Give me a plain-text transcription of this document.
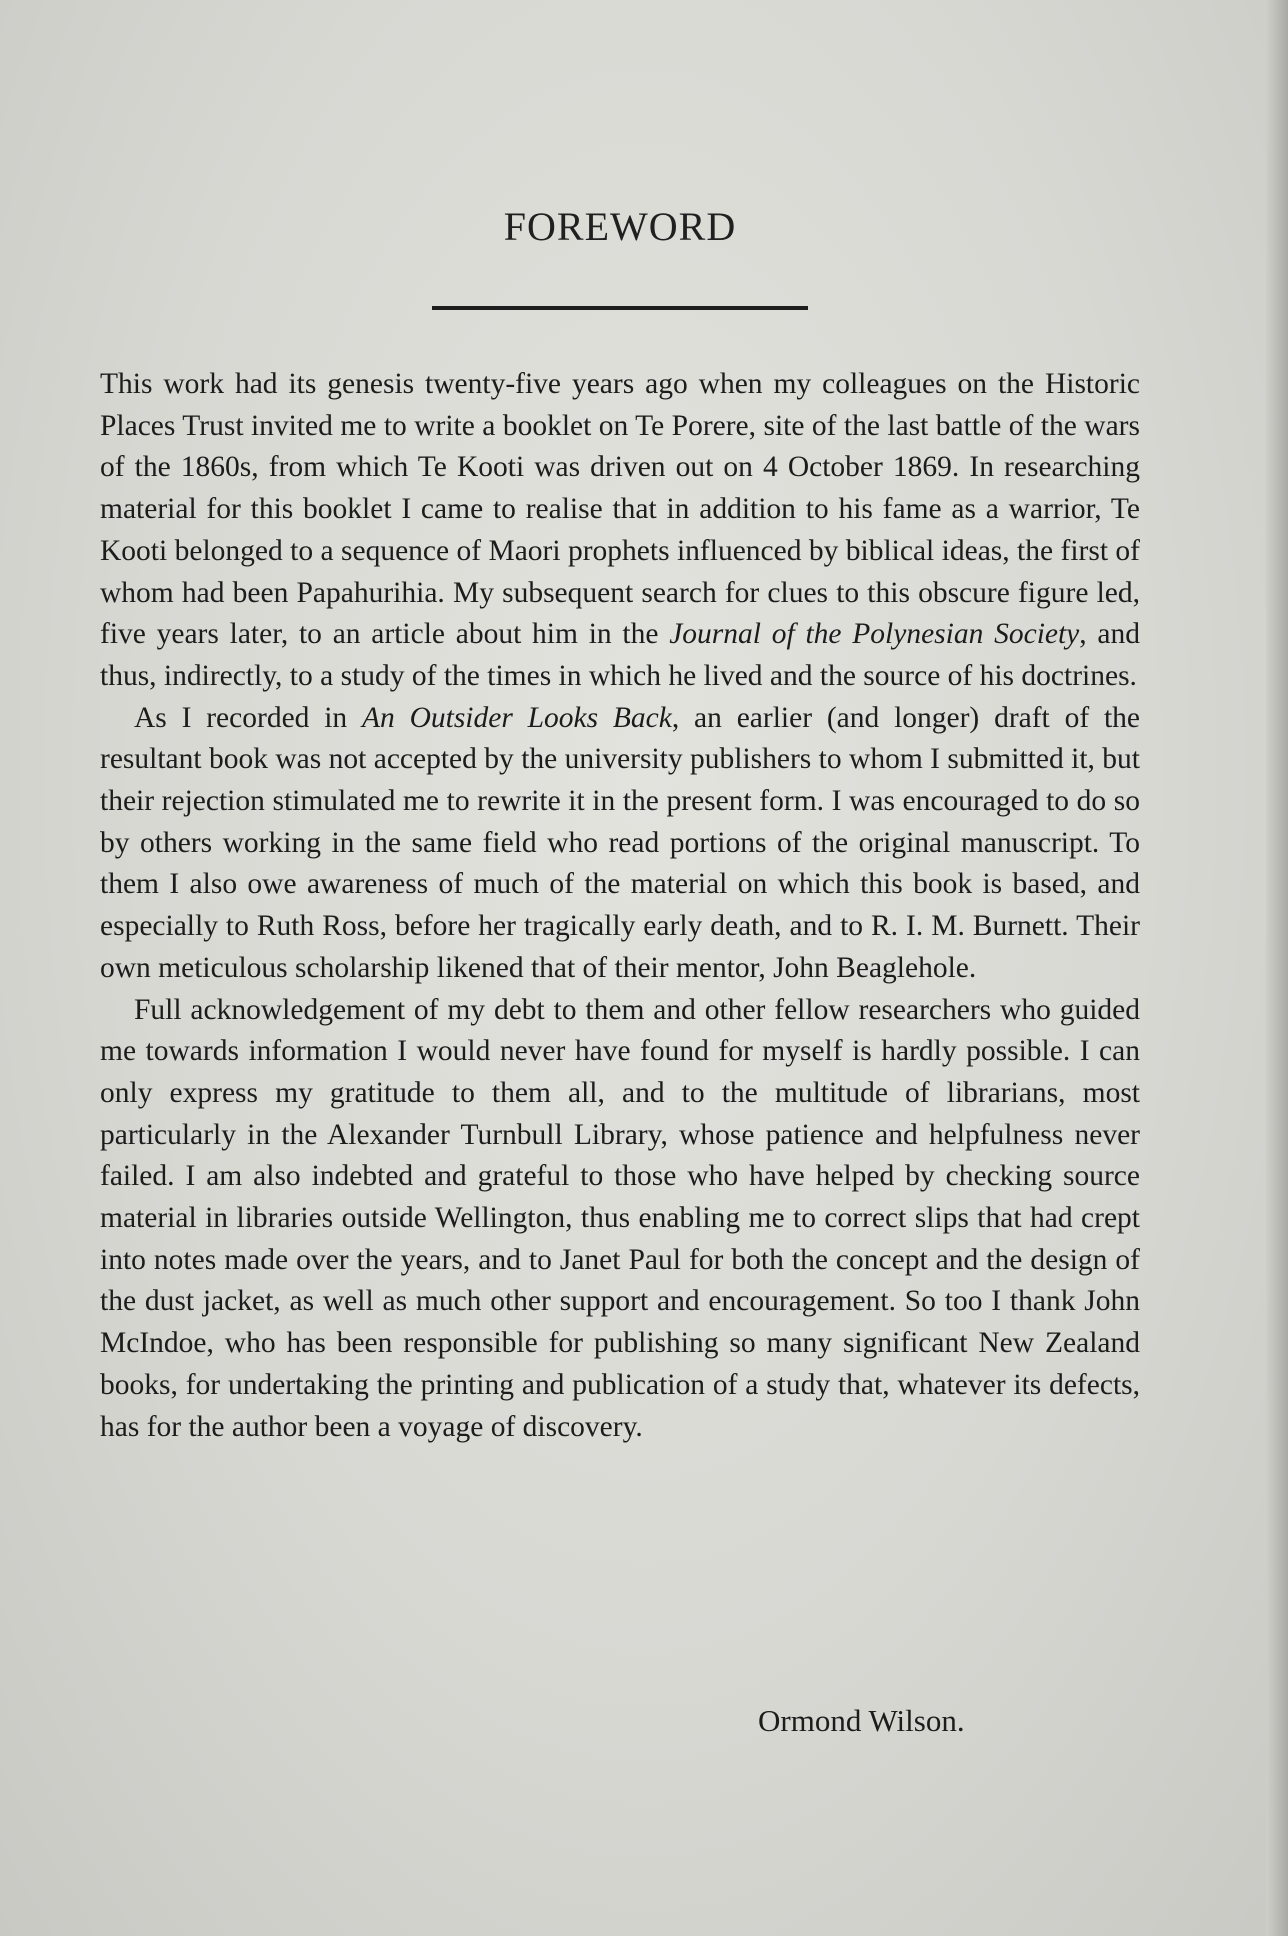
FOREWORD

This work had its genesis twenty-five years ago when my colleagues on the Historic Places Trust invited me to write a booklet on Te Porere, site of the last battle of the wars of the 1860s, from which Te Kooti was driven out on 4 October 1869. In researching material for this booklet I came to realise that in addition to his fame as a warrior, Te Kooti belonged to a sequence of Maori prophets influenced by biblical ideas, the first of whom had been Papahurihia. My subsequent search for clues to this obscure figure led, five years later, to an article about him in the Journal of the Polynesian Society, and thus, indirectly, to a study of the times in which he lived and the source of his doctrines.

As I recorded in An Outsider Looks Back, an earlier (and longer) draft of the resultant book was not accepted by the university publishers to whom I submitted it, but their rejection stimulated me to rewrite it in the present form. I was encouraged to do so by others working in the same field who read portions of the original manuscript. To them I also owe awareness of much of the material on which this book is based, and especially to Ruth Ross, before her tragically early death, and to R. I. M. Burnett. Their own meticulous scholarship likened that of their mentor, John Beaglehole.

Full acknowledgement of my debt to them and other fellow researchers who guided me towards information I would never have found for myself is hardly possible. I can only express my gratitude to them all, and to the multitude of librarians, most particularly in the Alexander Turnbull Library, whose patience and helpfulness never failed. I am also indebted and grateful to those who have helped by checking source material in libraries outside Wellington, thus enabling me to correct slips that had crept into notes made over the years, and to Janet Paul for both the concept and the design of the dust jacket, as well as much other support and encouragement. So too I thank John McIndoe, who has been responsible for publishing so many significant New Zealand books, for undertaking the printing and publication of a study that, whatever its defects, has for the author been a voyage of discovery.

Ormond Wilson.
